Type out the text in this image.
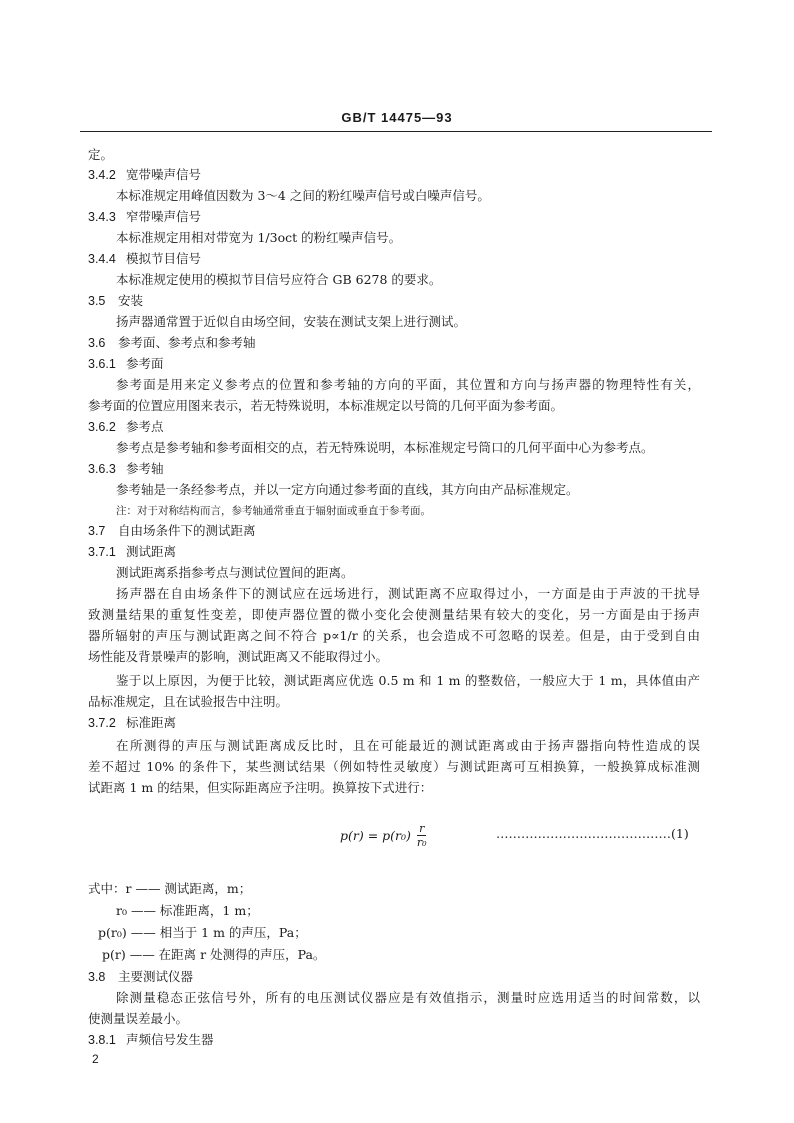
GB/T 14475—93
定。
3.4.2 宽带噪声信号
本标准规定用峰值因数为 3～4 之间的粉红噪声信号或白噪声信号。
3.4.3 窄带噪声信号
本标准规定用相对带宽为 1/3oct 的粉红噪声信号。
3.4.4 模拟节目信号
本标准规定使用的模拟节目信号应符合 GB 6278 的要求。
3.5 安装
扬声器通常置于近似自由场空间，安装在测试支架上进行测试。
3.6 参考面、参考点和参考轴
3.6.1 参考面
参考面是用来定义参考点的位置和参考轴的方向的平面，其位置和方向与扬声器的物理特性有关，
参考面的位置应用图来表示，若无特殊说明，本标准规定以号筒的几何平面为参考面。
3.6.2 参考点
参考点是参考轴和参考面相交的点，若无特殊说明，本标准规定号筒口的几何平面中心为参考点。
3.6.3 参考轴
参考轴是一条经参考点，并以一定方向通过参考面的直线，其方向由产品标准规定。
注：对于对称结构而言，参考轴通常垂直于辐射面或垂直于参考面。
3.7 自由场条件下的测试距离
3.7.1 测试距离
测试距离系指参考点与测试位置间的距离。
扬声器在自由场条件下的测试应在远场进行，测试距离不应取得过小，一方面是由于声波的干扰导
致测量结果的重复性变差，即使声器位置的微小变化会使测量结果有较大的变化，另一方面是由于扬声
器所辐射的声压与测试距离之间不符合 p∝1/r 的关系，也会造成不可忽略的误差。但是，由于受到自由
场性能及背景噪声的影响，测试距离又不能取得过小。
鉴于以上原因，为便于比较，测试距离应优选 0.5 m 和 1 m 的整数倍，一般应大于 1 m，具体值由产
品标准规定，且在试验报告中注明。
3.7.2 标准距离
在所测得的声压与测试距离成反比时，且在可能最近的测试距离或由于扬声器指向特性造成的误
差不超过 10% 的条件下，某些测试结果（例如特性灵敏度）与测试距离可互相换算，一般换算成标准测
试距离 1 m 的结果，但实际距离应予注明。换算按下式进行：
$p(r) = p(r_0) \frac{r}{\text{r₀}}$	……………………………………(1)
式中：r —— 测试距离，m；
r₀ —— 标准距离，1 m；
p(r₀) —— 相当于 1 m 的声压，Pa；
p(r) —— 在距离 r 处测得的声压，Pa。
3.8 主要测试仪器
除测量稳态正弦信号外，所有的电压测试仪器应是有效值指示，测量时应选用适当的时间常数，以
使测量误差最小。
3.8.1 声频信号发生器
2
